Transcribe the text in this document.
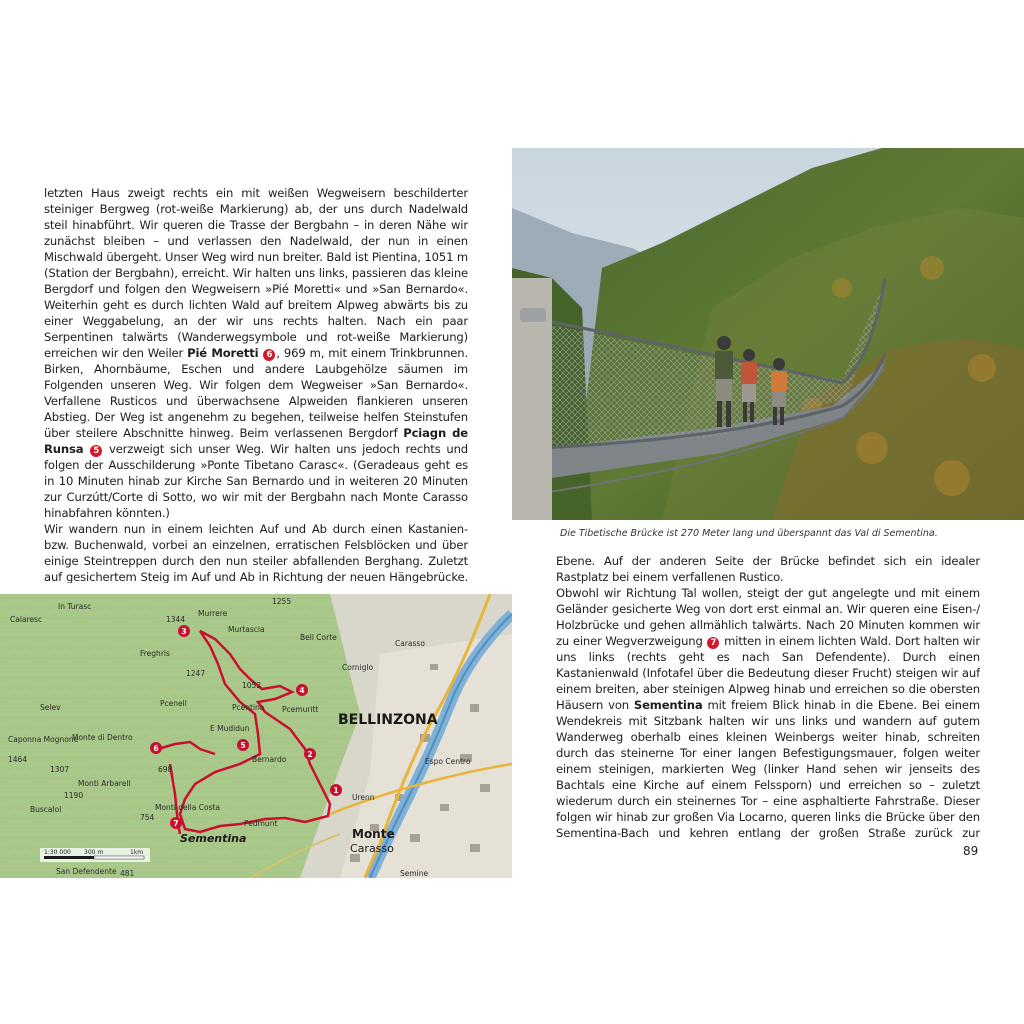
letzten Haus zweigt rechts ein mit weißen Wegweisern beschilderter steiniger Bergweg (rot-weiße Markierung) ab, der uns durch Nadelwald steil hinabführt. Wir queren die Trasse der Bergbahn – in deren Nähe wir zunächst bleiben – und verlassen den Nadelwald, der nun in einen Mischwald übergeht. Unser Weg wird nun breiter. Bald ist Pientina, 1051 m (Station der Bergbahn), erreicht. Wir halten uns links, passieren das kleine Bergdorf und folgen den Wegweisern »Pié Moretti« und »San Bernardo«. Weiterhin geht es durch lichten Wald auf breitem Alpweg abwärts bis zu einer Weggabelung, an der wir uns rechts halten. Nach ein paar Serpentinen talwärts (Wanderwegsymbole und rot-weiße Markierung) erreichen wir den Weiler Pié Moretti 6 , 969 m, mit einem Trinkbrunnen. Birken, Ahornbäume, Eschen und andere Laubgehölze säumen im Folgenden unseren Weg. Wir folgen dem Wegweiser »San Bernardo«. Verfallene Rusticos und überwachsene Alpweiden flankieren unseren Abstieg. Der Weg ist angenehm zu begehen, teilweise helfen Steinstufen über steilere Abschnitte hinweg. Beim verlassenen Bergdorf Pciagn de Runsa 5 verzweigt sich unser Weg. Wir halten uns jedoch rechts und folgen der Ausschilderung »Ponte Tibetano Carasc«. (Geradeaus geht es in 10 Minuten hinab zur Kirche San Bernardo und in weiteren 20 Minuten zur Curzútt/Corte di Sotto, wo wir mit der Bergbahn nach Monte Carasso hinabfahren könnten.)

Wir wandern nun in einem leichten Auf und Ab durch einen Kastanien- bzw. Buchenwald, vorbei an einzelnen, erratischen Felsblöcken und über einige Steintreppen durch den nun steiler abfallenden Berghang. Zuletzt auf gesichertem Steig im Auf und Ab in Richtung der neuen Hängebrücke.

Die Tibetische Brücke ist 270 Meter lang und überspannt das Val di Sementina.
In Turasc
Murrere
Calaresc
Murtascia
Bell Corte
Carasso
Freghris
Corniglo
Pcemuritt
Pcentina
Pcenell
Selev
E Mudidun
Monte di Dentro
Caponna Mognone
Bernardo	Espo Centro
Monti Arbarell
Monti della Costa
Pedmunt
Urenn
Buscalol
San Defendente	Semine
1255
1247
1052
1307
1464
1190
698
754
481
1344
BELLINZONA
Sementina	Monte
Carasso
1:30 000 300 m	1km
1
2
3
4
5
6
7

Ebene. Auf der anderen Seite der Brücke befindet sich ein idealer Rastplatz bei einem verfallenen Rustico.

Obwohl wir Richtung Tal wollen, steigt der gut angelegte und mit einem Geländer gesicherte Weg von dort erst einmal an. Wir queren eine Eisen-/ Holzbrücke und gehen allmählich talwärts. Nach 20 Minuten kommen wir zu einer Wegverzweigung 7 mitten in einem lichten Wald. Dort halten wir uns links (rechts geht es nach San Defendente). Durch einen Kastanienwald (Infotafel über die Bedeutung dieser Frucht) steigen wir auf einem breiten, aber steinigen Alpweg hinab und erreichen so die obersten Häusern von Sementina mit freiem Blick hinab in die Ebene. Bei einem Wendekreis mit Sitzbank halten wir uns links und wandern auf gutem Wanderweg oberhalb eines kleinen Weinbergs weiter hinab, schreiten durch das steinerne Tor einer langen Befestigungsmauer, folgen weiter einem steinigen, markierten Weg (linker Hand sehen wir jenseits des Bachtals eine Kirche auf einem Felssporn) und erreichen so – zuletzt wiederum durch ein steinernes Tor – eine asphaltierte Fahrstraße. Dieser folgen wir hinab zur großen Via Locarno, queren links die Brücke über den Sementina-Bach und kehren entlang der großen Straße zurück zur

89
